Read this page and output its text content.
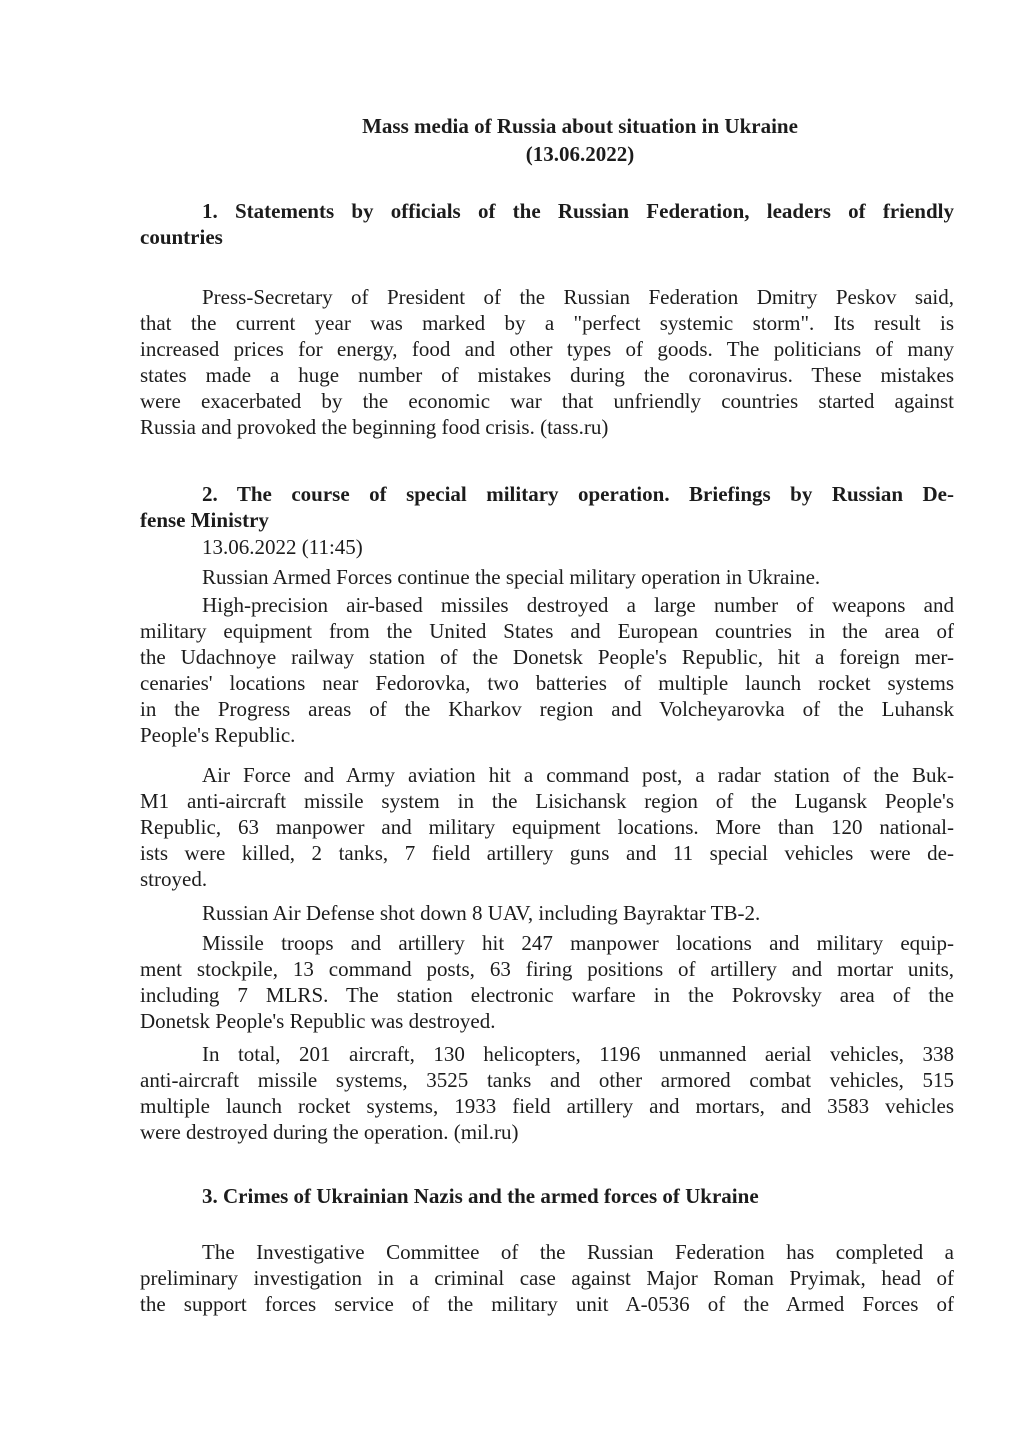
Mass media of Russia about situation in Ukraine
(13.06.2022)
1. Statements by officials of the Russian Federation, leaders of friendly
countries
Press-Secretary of President of the Russian Federation Dmitry Peskov said,
that the current year was marked by a "perfect systemic storm". Its result is
increased prices for energy, food and other types of goods. The politicians of many
states made a huge number of mistakes during the coronavirus. These mistakes
were exacerbated by the economic war that unfriendly countries started against
Russia and provoked the beginning food crisis. (tass.ru)
2. The course of special military operation. Briefings by Russian De-
fense Ministry
13.06.2022 (11:45)
Russian Armed Forces continue the special military operation in Ukraine.
High-precision air-based missiles destroyed a large number of weapons and
military equipment from the United States and European countries in the area of
the Udachnoye railway station of the Donetsk People's Republic, hit a foreign mer-
cenaries' locations near Fedorovka, two batteries of multiple launch rocket systems
in the Progress areas of the Kharkov region and Volcheyarovka of the Luhansk
People's Republic.
Air Force and Army aviation hit a command post, a radar station of the Buk-
M1 anti-aircraft missile system in the Lisichansk region of the Lugansk People's
Republic, 63 manpower and military equipment locations. More than 120 national-
ists were killed, 2 tanks, 7 field artillery guns and 11 special vehicles were de-
stroyed.
Russian Air Defense shot down 8 UAV, including Bayraktar TB-2.
Missile troops and artillery hit 247 manpower locations and military equip-
ment stockpile, 13 command posts, 63 firing positions of artillery and mortar units,
including 7 MLRS. The station electronic warfare in the Pokrovsky area of the
Donetsk People's Republic was destroyed.
In total, 201 aircraft, 130 helicopters, 1196 unmanned aerial vehicles, 338
anti-aircraft missile systems, 3525 tanks and other armored combat vehicles, 515
multiple launch rocket systems, 1933 field artillery and mortars, and 3583 vehicles
were destroyed during the operation. (mil.ru)
3. Crimes of Ukrainian Nazis and the armed forces of Ukraine
The Investigative Committee of the Russian Federation has completed a
preliminary investigation in a criminal case against Major Roman Pryimak, head of
the support forces service of the military unit A-0536 of the Armed Forces of
